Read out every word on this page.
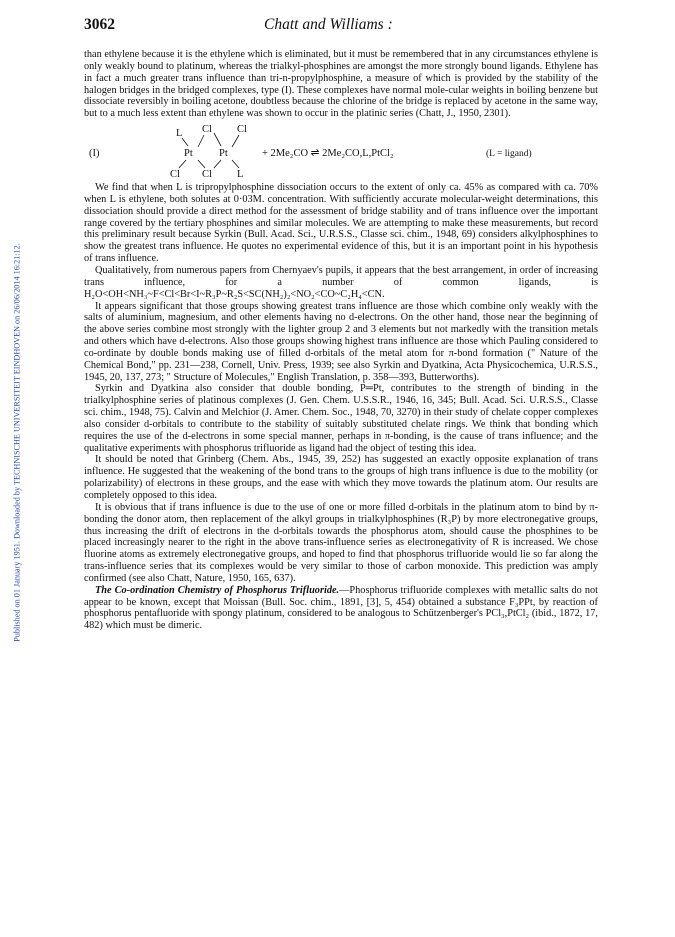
Published on 01 January 1951. Downloaded by TECHNISCHE UNIVERSITEIT EINDHOVEN on 26/06/2014 16:21:12.
3062	Chatt and Williams :

than ethylene because it is the ethylene which is eliminated, but it must be remembered that in any circumstances ethylene is only weakly bound to platinum, whereas the trialkyl-phosphines are amongst the more strongly bound ligands. Ethylene has in fact a much greater trans influence than tri-n-propylphosphine, a measure of which is provided by the stability of the halogen bridges in the bridged complexes, type (I). These complexes have normal mole-cular weights in boiling benzene but dissociate reversibly in boiling acetone, doubtless because the chlorine of the bridge is replaced by acetone in the same way, but to a much less extent than ethylene was shown to occur in the platinic series (Chatt, J., 1950, 2301).

(I)
L Cl Cl
Pt Pt
Cl Cl L
+ 2Me₂CO ⇌ 2Me₂CO,L,PtCl₂	(L = ligand)

We find that when L is tripropylphosphine dissociation occurs to the extent of only ca. 45% as compared with ca. 70% when L is ethylene, both solutes at 0·03M. concentration. With sufficiently accurate molecular-weight determinations, this dissociation should provide a direct method for the assessment of bridge stability and of trans influence over the important range covered by the tertiary phosphines and similar molecules. We are attempting to make these measurements, but record this preliminary result because Syrkin (Bull. Acad. Sci., U.R.S.S., Classe sci. chim., 1948, 69) considers alkylphosphines to show the greatest trans influence. He quotes no experimental evidence of this, but it is an important point in his hypothesis of trans influence.

Qualitatively, from numerous papers from Chernyaev's pupils, it appears that the best arrangement, in order of increasing trans influence, for a number of common ligands, is H₂O<OH<NH₃~F<Cl<Br<I~R₃P~R₂S<SC(NH₂)₂<NO₂<CO~C₂H₄<CN.

It appears significant that those groups showing greatest trans influence are those which combine only weakly with the salts of aluminium, magnesium, and other elements having no d-electrons. On the other hand, those near the beginning of the above series combine most strongly with the lighter group 2 and 3 elements but not markedly with the transition metals and others which have d-electrons. Also those groups showing highest trans influence are those which Pauling considered to co-ordinate by double bonds making use of filled d-orbitals of the metal atom for π-bond formation (" Nature of the Chemical Bond," pp. 231—238, Cornell, Univ. Press, 1939; see also Syrkin and Dyatkina, Acta Physicochemica, U.R.S.S., 1945, 20, 137, 273; " Structure of Molecules," English Translation, p. 358—393, Butterworths).

Syrkin and Dyatkina also consider that double bonding, P═Pt, contributes to the strength of binding in the trialkylphosphine series of platinous complexes (J. Gen. Chem. U.S.S.R., 1946, 16, 345; Bull. Acad. Sci. U.R.S.S., Classe sci. chim., 1948, 75). Calvin and Melchior (J. Amer. Chem. Soc., 1948, 70, 3270) in their study of chelate copper complexes also consider d-orbitals to contribute to the stability of suitably substituted chelate rings. We think that bonding which requires the use of the d-electrons in some special manner, perhaps in π-bonding, is the cause of trans influence; and the qualitative experiments with phosphorus trifluoride as ligand had the object of testing this idea.

It should be noted that Grinberg (Chem. Abs., 1945, 39, 252) has suggested an exactly opposite explanation of trans influence. He suggested that the weakening of the bond trans to the groups of high trans influence is due to the mobility (or polarizability) of electrons in these groups, and the ease with which they move towards the platinum atom. Our results are completely opposed to this idea.

It is obvious that if trans influence is due to the use of one or more filled d-orbitals in the platinum atom to bind by π-bonding the donor atom, then replacement of the alkyl groups in trialkylphosphines (R₃P) by more electronegative groups, thus increasing the drift of electrons in the d-orbitals towards the phosphorus atom, should cause the phosphines to be placed increasingly nearer to the right in the above trans-influence series as electronegativity of R is increased. We chose fluorine atoms as extremely electronegative groups, and hoped to find that phosphorus trifluoride would lie so far along the trans-influence series that its complexes would be very similar to those of carbon monoxide. This prediction was amply confirmed (see also Chatt, Nature, 1950, 165, 637).

The Co-ordination Chemistry of Phosphorus Trifluoride.—Phosphorus trifluoride complexes with metallic salts do not appear to be known, except that Moissan (Bull. Soc. chim., 1891, [3], 5, 454) obtained a substance F₃PPt, by reaction of phosphorus pentafluoride with spongy platinum, considered to be analogous to Schützenberger's PCl₃,PtCl₂ (ibid., 1872, 17, 482) which must be dimeric.
